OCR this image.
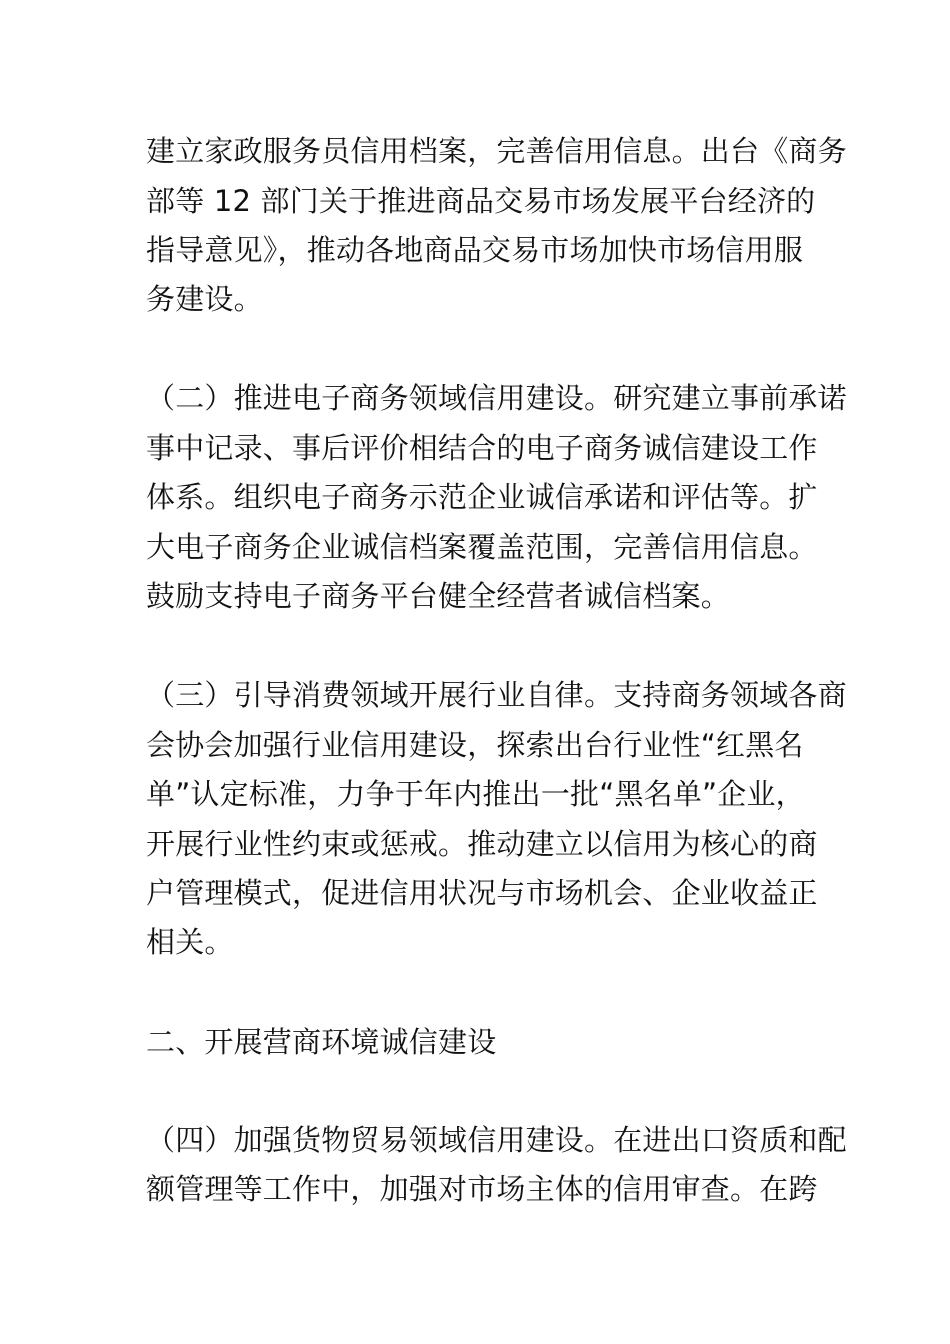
建立家政服务员信用档案，完善信用信息。出台《商务
部等 12 部门关于推进商品交易市场发展平台经济的
指导意见》，推动各地商品交易市场加快市场信用服
务建设。
（二）推进电子商务领域信用建设。研究建立事前承诺
事中记录、事后评价相结合的电子商务诚信建设工作
体系。组织电子商务示范企业诚信承诺和评估等。扩
大电子商务企业诚信档案覆盖范围，完善信用信息。
鼓励支持电子商务平台健全经营者诚信档案。
（三）引导消费领域开展行业自律。支持商务领域各商
会协会加强行业信用建设，探索出台行业性“红黑名
单”认定标准，力争于年内推出一批“黑名单”企业，
开展行业性约束或惩戒。推动建立以信用为核心的商
户管理模式，促进信用状况与市场机会、企业收益正
相关。
二、开展营商环境诚信建设
（四）加强货物贸易领域信用建设。在进出口资质和配
额管理等工作中，加强对市场主体的信用审查。在跨
